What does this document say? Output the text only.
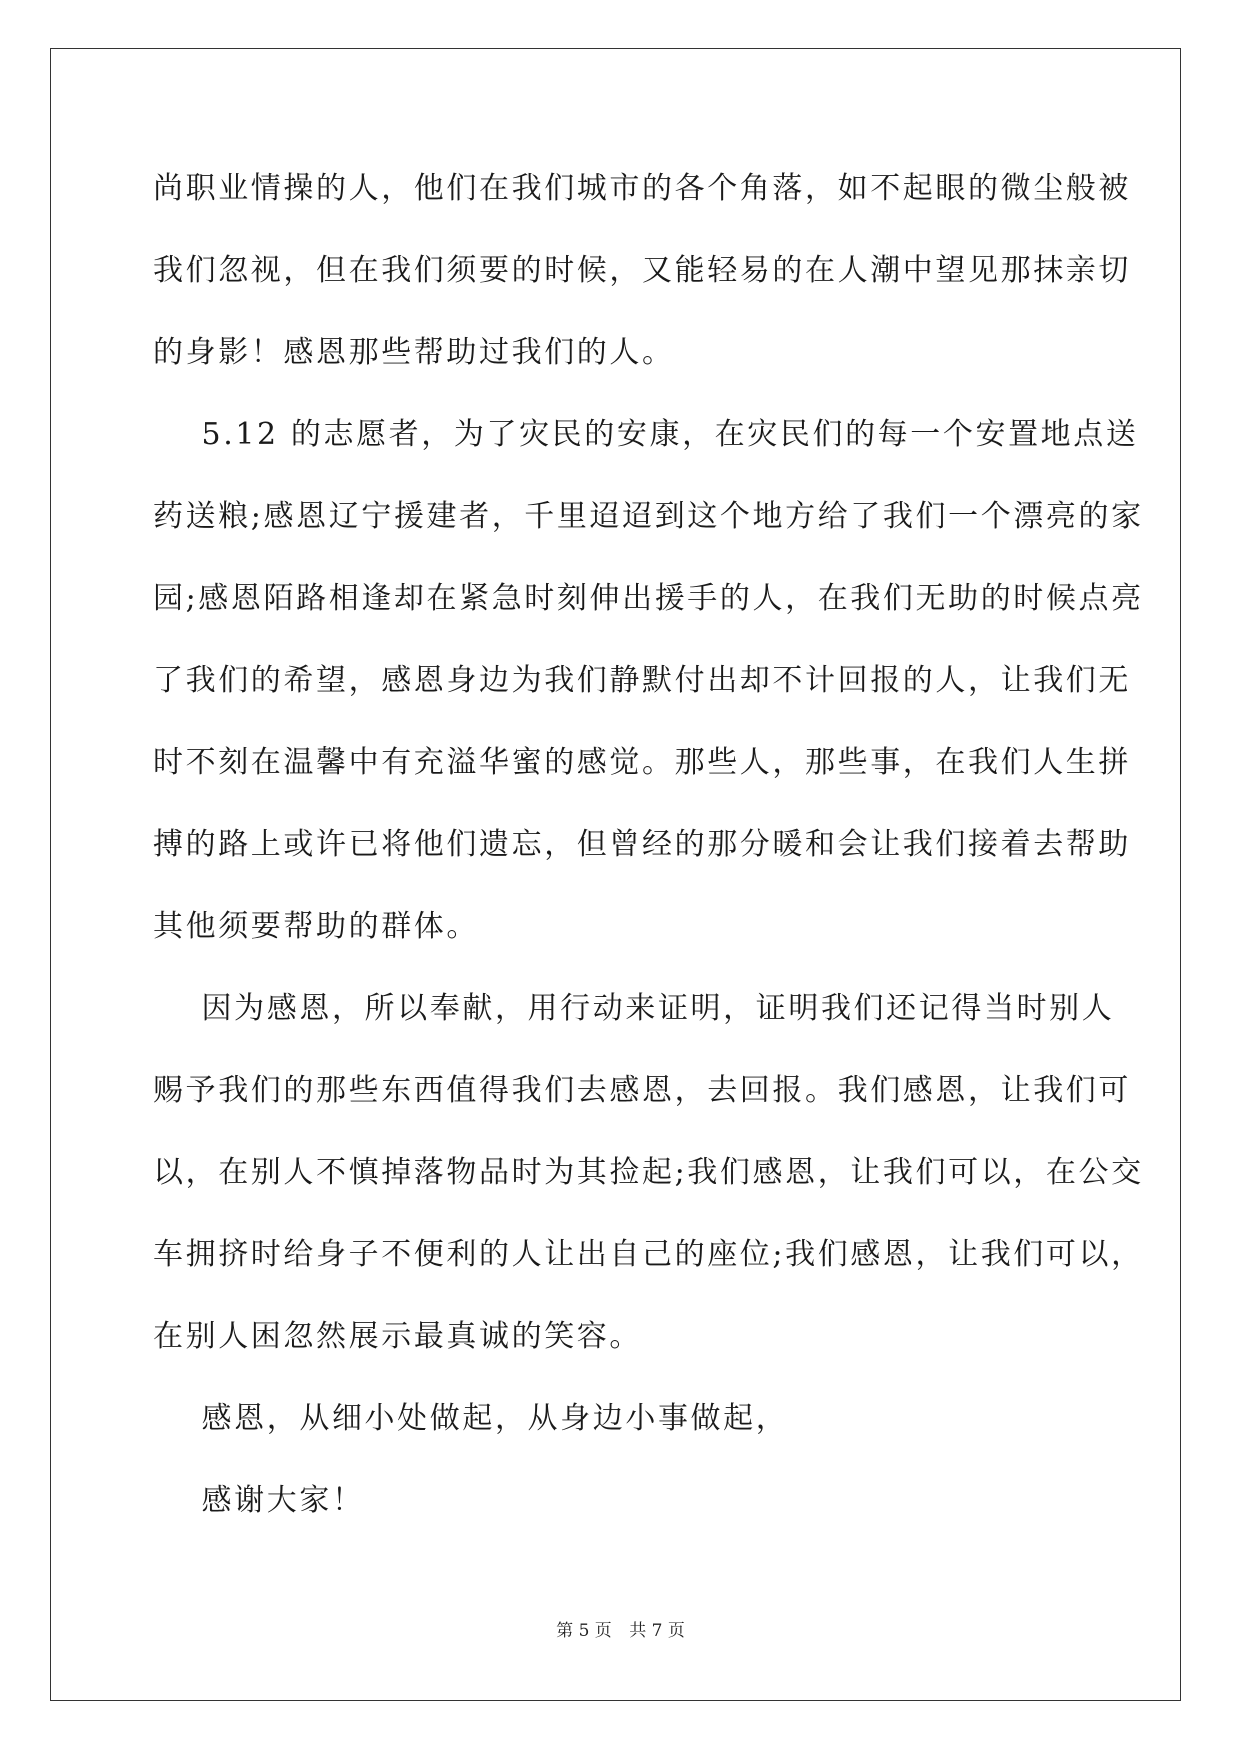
尚职业情操的人，他们在我们城市的各个角落，如不起眼的微尘般被
我们忽视，但在我们须要的时候，又能轻易的在人潮中望见那抹亲切
的身影！感恩那些帮助过我们的人。
5.12 的志愿者，为了灾民的安康，在灾民们的每一个安置地点送
药送粮;感恩辽宁援建者，千里迢迢到这个地方给了我们一个漂亮的家
园;感恩陌路相逢却在紧急时刻伸出援手的人，在我们无助的时候点亮
了我们的希望，感恩身边为我们静默付出却不计回报的人，让我们无
时不刻在温馨中有充溢华蜜的感觉。那些人，那些事，在我们人生拼
搏的路上或许已将他们遗忘，但曾经的那分暖和会让我们接着去帮助
其他须要帮助的群体。
因为感恩，所以奉献，用行动来证明，证明我们还记得当时别人
赐予我们的那些东西值得我们去感恩，去回报。我们感恩，让我们可
以，在别人不慎掉落物品时为其捡起;我们感恩，让我们可以，在公交
车拥挤时给身子不便利的人让出自己的座位;我们感恩，让我们可以，
在别人困忽然展示最真诚的笑容。
感恩，从细小处做起，从身边小事做起，
感谢大家！
第 5 页 共 7 页
